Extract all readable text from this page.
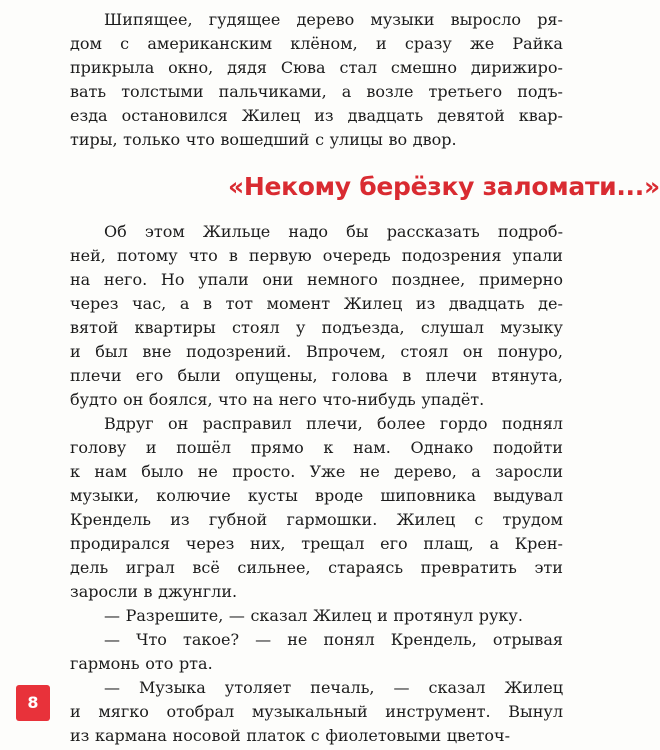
Шипящее, гудящее дерево музыки выросло ря-
дом с американским клёном, и сразу же Райка
прикрыла окно, дядя Сюва стал смешно дирижиро-
вать толстыми пальчиками, а возле третьего подъ-
езда остановился Жилец из двадцать девятой квар-
тиры, только что вошедший с улицы во двор.
«Некому берёзку заломати...»
Об этом Жильце надо бы рассказать подроб-
ней, потому что в первую очередь подозрения упали
на него. Но упали они немного позднее, примерно
через час, а в тот момент Жилец из двадцать де-
вятой квартиры стоял у подъезда, слушал музыку
и был вне подозрений. Впрочем, стоял он понуро,
плечи его были опущены, голова в плечи втянута,
будто он боялся, что на него что-нибудь упадёт.
Вдруг он расправил плечи, более гордо поднял
голову и пошёл прямо к нам. Однако подойти
к нам было не просто. Уже не дерево, а заросли
музыки, колючие кусты вроде шиповника выдувал
Крендель из губной гармошки. Жилец с трудом
продирался через них, трещал его плащ, а Крен-
дель играл всё сильнее, стараясь превратить эти
заросли в джунгли.
— Разрешите, — сказал Жилец и протянул руку.
— Что такое? — не понял Крендель, отрывая
гармонь ото рта.
— Музыка утоляет печаль, — сказал Жилец
и мягко отобрал музыкальный инструмент. Вынул
из кармана носовой платок с фиолетовыми цветоч-
8
